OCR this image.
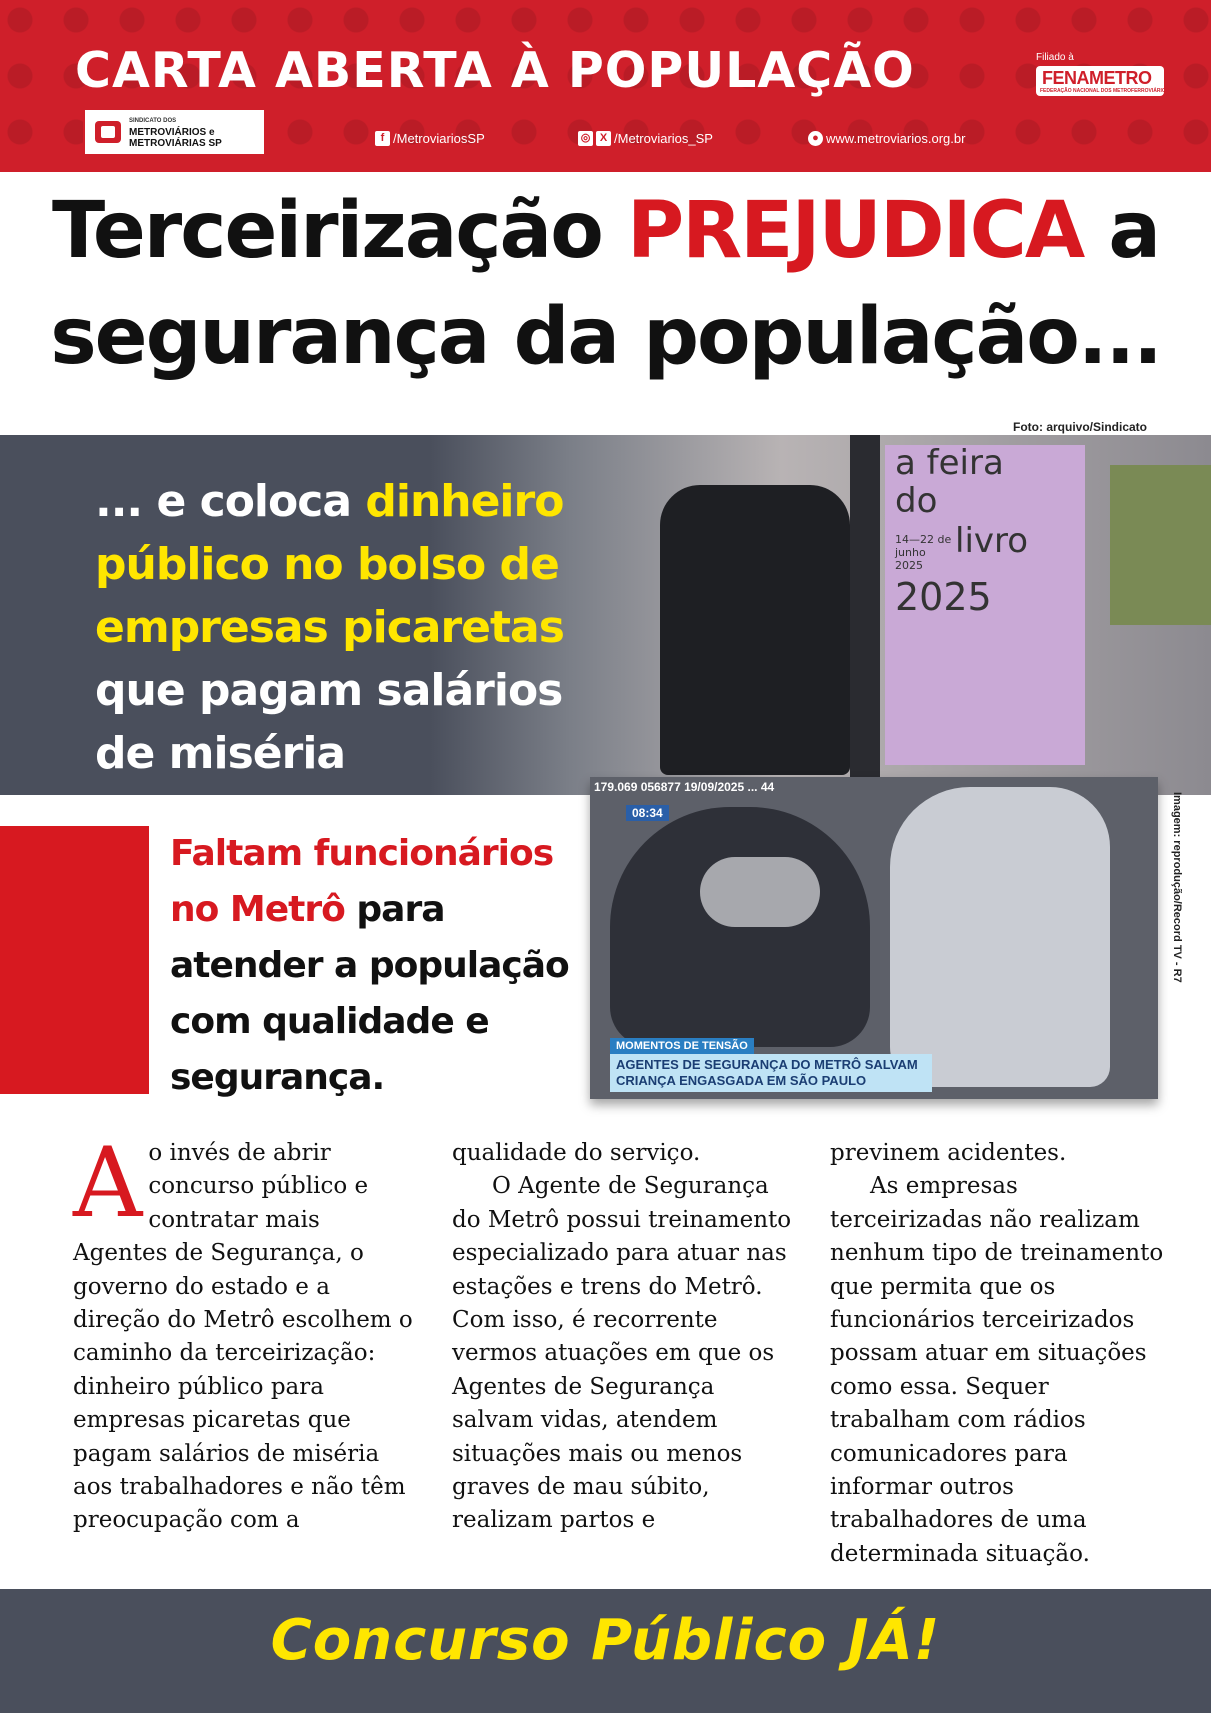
CARTA ABERTA À POPULAÇÃO
SINDICATO DOS
METROVIÁRIOS e
METROVIÁRIAS SP	f /MetroviariosSP	◎ X /Metroviarios_SP	● www.metroviarios.org.br
Filiado à
FENAMETRO
FEDERAÇÃO NACIONAL DOS METROFERROVIÁRIOS
Terceirização PREJUDICA a
segurança da população...
Foto: arquivo/Sindicato
a feira
do
livro
14—22 de junho 2025
2025
... e coloca dinheiro
público no bolso de
empresas picaretas
que pagam salários
de miséria
Faltam funcionários
no Metrô para
atender a população
com qualidade e
segurança.
179.069 056877 19/09/2025 ... 44
08:34
MOMENTOS DE TENSÃO
AGENTES DE SEGURANÇA DO METRÔ SALVAM
CRIANÇA ENGASGADA EM SÃO PAULO
Imagem: reprodução/Record TV - R7
A o invés de abrir concurso público e contratar mais Agentes de Segurança, o governo do estado e a direção do Metrô escolhem o caminho da terceirização: dinheiro público para empresas picaretas que pagam salários de miséria aos trabalhadores e não têm preocupação com a
qualidade do serviço.
O Agente de Segurança do Metrô possui treinamento especializado para atuar nas estações e trens do Metrô. Com isso, é recorrente vermos atuações em que os Agentes de Segurança salvam vidas, atendem situações mais ou menos graves de mau súbito, realizam partos e
previnem acidentes.
As empresas terceirizadas não realizam nenhum tipo de treinamento que permita que os funcionários terceirizados possam atuar em situações como essa. Sequer trabalham com rádios comunicadores para informar outros trabalhadores de uma determinada situação.
Concurso Público JÁ!
